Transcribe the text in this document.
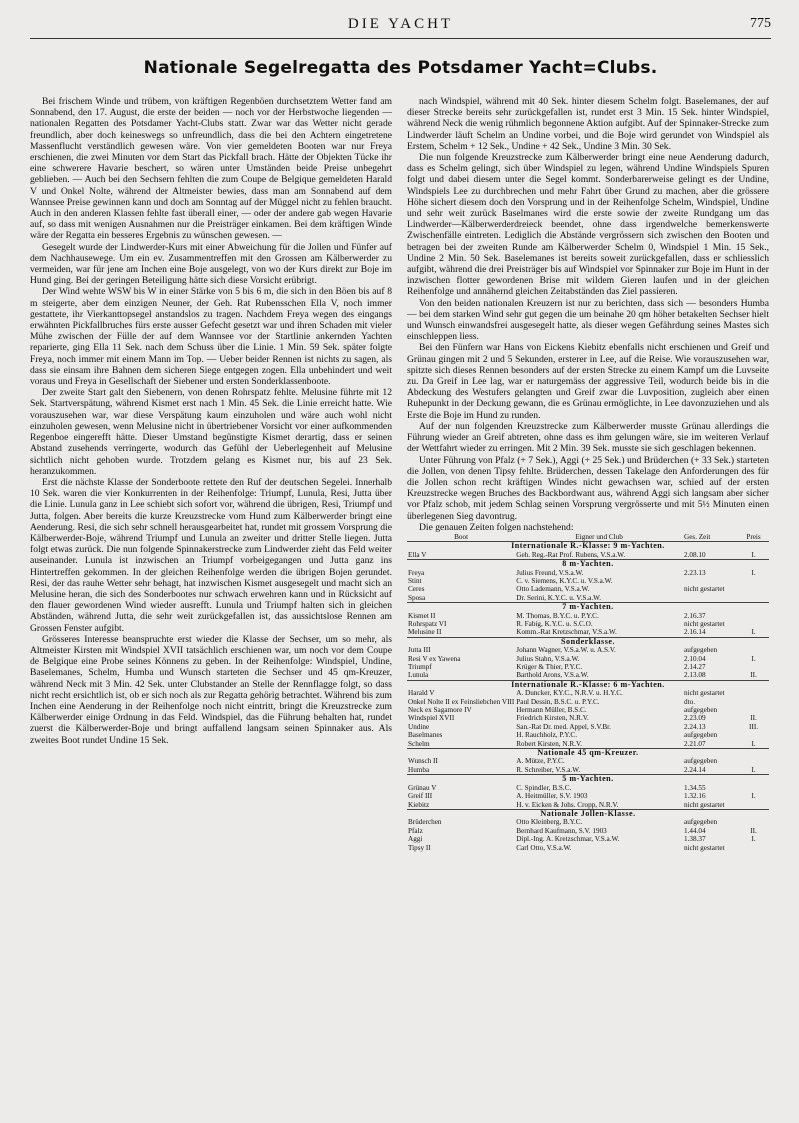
DIE YACHT	775
Nationale Segelregatta des Potsdamer Yacht=Clubs.

Bei frischem Winde und trübem, von kräftigen Regenböen durchsetztem Wetter fand am Sonnabend, den 17. August, die erste der beiden — noch vor der Herbstwoche liegenden — nationalen Regatten des Potsdamer Yacht-Clubs statt. Zwar war das Wetter nicht gerade freundlich, aber doch keineswegs so unfreundlich, dass die bei den Achtern eingetretene Massenflucht verständlich gewesen wäre. Von vier gemeldeten Booten war nur Freya erschienen, die zwei Minuten vor dem Start das Pickfall brach. Hätte der Objekten Tücke ihr eine schwerere Havarie beschert, so wären unter Umständen beide Preise unbegehrt geblieben. — Auch bei den Sechsern fehlten die zum Coupe de Belgique gemeldeten Harald V und Onkel Nolte, während der Altmeister bewies, dass man am Sonnabend auf dem Wannsee Preise gewinnen kann und doch am Sonntag auf der Müggel nicht zu fehlen braucht. Auch in den anderen Klassen fehlte fast überall einer, — oder der andere gab wegen Havarie auf, so dass mit wenigen Ausnahmen nur die Preisträger einkamen. Bei dem kräftigen Winde wäre der Regatta ein besseres Ergebnis zu wünschen gewesen. —

Gesegelt wurde der Lindwerder-Kurs mit einer Abweichung für die Jollen und Fünfer auf dem Nachhausewege. Um ein ev. Zusammentreffen mit den Grossen am Kälberwerder zu vermeiden, war für jene am Inchen eine Boje ausgelegt, von wo der Kurs direkt zur Boje im Hund ging. Bei der geringen Beteiligung hätte sich diese Vorsicht erübrigt.

Der Wind wehte WSW bis W in einer Stärke von 5 bis 6 m, die sich in den Böen bis auf 8 m steigerte, aber dem einzigen Neuner, der Geh. Rat Rubensschen Ella V, noch immer gestattete, ihr Vierkanttopsegel anstandslos zu tragen. Nachdem Freya wegen des eingangs erwähnten Pickfallbruches fürs erste ausser Gefecht gesetzt war und ihren Schaden mit vieler Mühe zwischen der Fülle der auf dem Wannsee vor der Startlinie ankernden Yachten reparierte, ging Ella 11 Sek. nach dem Schuss über die Linie. 1 Min. 59 Sek. später folgte Freya, noch immer mit einem Mann im Top. — Ueber beider Rennen ist nichts zu sagen, als dass sie einsam ihre Bahnen dem sicheren Siege entgegen zogen. Ella unbehindert und weit voraus und Freya in Gesellschaft der Siebener und ersten Sonderklassenboote.

Der zweite Start galt den Siebenern, von denen Rohrspatz fehlte. Melusine führte mit 12 Sek. Startverspätung, während Kismet erst nach 1 Min. 45 Sek. die Linie erreicht hatte. Wie vorauszusehen war, war diese Verspätung kaum einzuholen und wäre auch wohl nicht einzuholen gewesen, wenn Melusine nicht in übertriebener Vorsicht vor einer aufkommenden Regenboe eingerefft hätte. Dieser Umstand begünstigte Kismet derartig, dass er seinen Abstand zusehends verringerte, wodurch das Gefühl der Ueberlegenheit auf Melusine sichtlich nicht gehoben wurde. Trotzdem gelang es Kismet nur, bis auf 23 Sek. heranzukommen.

Erst die nächste Klasse der Sonderboote rettete den Ruf der deutschen Segelei. Innerhalb 10 Sek. waren die vier Konkurrenten in der Reihenfolge: Triumpf, Lunula, Resi, Jutta über die Linie. Lunula ganz in Lee schiebt sich sofort vor, während die übrigen, Resi, Triumpf und Jutta, folgen. Aber bereits die kurze Kreuzstrecke vom Hund zum Kälberwerder bringt eine Aenderung. Resi, die sich sehr schnell herausgearbeitet hat, rundet mit grossem Vorsprung die Kälberwerder-Boje, während Triumpf und Lunula an zweiter und dritter Stelle liegen. Jutta folgt etwas zurück. Die nun folgende Spinnakerstrecke zum Lindwerder zieht das Feld weiter auseinander. Lunula ist inzwischen an Triumpf vorbeigegangen und Jutta ganz ins Hintertreffen gekommen. In der gleichen Reihenfolge werden die übrigen Bojen gerundet. Resi, der das rauhe Wetter sehr behagt, hat inzwischen Kismet ausgesegelt und macht sich an Melusine heran, die sich des Sonderbootes nur schwach erwehren kann und in Rücksicht auf den flauer gewordenen Wind wieder ausrefft. Lunula und Triumpf halten sich in gleichen Abständen, während Jutta, die sehr weit zurückgefallen ist, das aussichtslose Rennen am Grossen Fenster aufgibt.

Grösseres Interesse beanspruchte erst wieder die Klasse der Sechser, um so mehr, als Altmeister Kirsten mit Windspiel XVII tatsächlich erschienen war, um noch vor dem Coupe de Belgique eine Probe seines Könnens zu geben. In der Reihenfolge: Windspiel, Undine, Baselemanes, Schelm, Humba und Wunsch starteten die Sechser und 45 qm-Kreuzer, während Neck mit 3 Min. 42 Sek. unter Clubstander an Stelle der Rennflagge folgt, so dass nicht recht ersichtlich ist, ob er sich noch als zur Regatta gehörig betrachtet. Während bis zum Inchen eine Aenderung in der Reihenfolge noch nicht eintritt, bringt die Kreuzstrecke zum Kälberwerder einige Ordnung in das Feld. Windspiel, das die Führung behalten hat, rundet zuerst die Kälberwerder-Boje und bringt auffallend langsam seinen Spinnaker aus. Als zweites Boot rundet Undine 15 Sek.

nach Windspiel, während mit 40 Sek. hinter diesem Schelm folgt. Baselemanes, der auf dieser Strecke bereits sehr zurückgefallen ist, rundet erst 3 Min. 15 Sek. hinter Windspiel, während Neck die wenig rühmlich begonnene Aktion aufgibt. Auf der Spinnaker-Strecke zum Lindwerder läuft Schelm an Undine vorbei, und die Boje wird gerundet von Windspiel als Erstem, Schelm + 12 Sek., Undine + 42 Sek., Undine 3 Min. 30 Sek.

Die nun folgende Kreuzstrecke zum Kälberwerder bringt eine neue Aenderung dadurch, dass es Schelm gelingt, sich über Windspiel zu legen, während Undine Windspiels Spuren folgt und dabei diesem unter die Segel kommt. Sonderbarerweise gelingt es der Undine, Windspiels Lee zu durchbrechen und mehr Fahrt über Grund zu machen, aber die grössere Höhe sichert diesem doch den Vorsprung und in der Reihenfolge Schelm, Windspiel, Undine und sehr weit zurück Baselmanes wird die erste sowie der zweite Rundgang um das Lindwerder—Kälberwerderdreieck beendet, ohne dass irgendwelche bemerkenswerte Zwischenfälle eintreten. Lediglich die Abstände vergrössern sich zwischen den Booten und betragen bei der zweiten Runde am Kälberwerder Schelm 0, Windspiel 1 Min. 15 Sek., Undine 2 Min. 50 Sek. Baselemanes ist bereits soweit zurückgefallen, dass er schliesslich aufgibt, während die drei Preisträger bis auf Windspiel vor Spinnaker zur Boje im Hunt in der inzwischen flotter gewordenen Brise mit wildem Gieren laufen und in der gleichen Reihenfolge und annähernd gleichen Zeitabständen das Ziel passieren.

Von den beiden nationalen Kreuzern ist nur zu berichten, dass sich — besonders Humba — bei dem starken Wind sehr gut gegen die um beinahe 20 qm höher betakelten Sechser hielt und Wunsch einwandsfrei ausgesegelt hatte, als dieser wegen Gefährdung seines Mastes sich einschleppen liess.

Bei den Fünfern war Hans von Eickens Kiebitz ebenfalls nicht erschienen und Greif und Grünau gingen mit 2 und 5 Sekunden, ersterer in Lee, auf die Reise. Wie vorauszusehen war, spitzte sich dieses Rennen besonders auf der ersten Strecke zu einem Kampf um die Luvseite zu. Da Greif in Lee lag, war er naturgemäss der aggressive Teil, wodurch beide bis in die Abdeckung des Westufers gelangten und Greif zwar die Luvposition, zugleich aber einen Ruhepunkt in der Deckung gewann, die es Grünau ermöglichte, in Lee davonzuziehen und als Erste die Boje im Hund zu runden.

Auf der nun folgenden Kreuzstrecke zum Kälberwerder musste Grünau allerdings die Führung wieder an Greif abtreten, ohne dass es ihm gelungen wäre, sie im weiteren Verlauf der Wettfahrt wieder zu erringen. Mit 2 Min. 39 Sek. musste sie sich geschlagen bekennen.

Unter Führung von Pfalz (+ 7 Sek.), Aggi (+ 25 Sek.) und Brüderchen (+ 33 Sek.) starteten die Jollen, von denen Tipsy fehlte. Brüderchen, dessen Takelage den Anforderungen des für die Jollen schon recht kräftigen Windes nicht gewachsen war, schied auf der ersten Kreuzstrecke wegen Bruches des Backbordwant aus, während Aggi sich langsam aber sicher vor Pfalz schob, mit jedem Schlag seinen Vorsprung vergrösserte und mit 5½ Minuten einen überlegenen Sieg davontrug.

Die genauen Zeiten folgen nachstehend:

Boot	Eigner und Club	Ges. Zeit	Preis
Internationale R.-Klasse: 9 m-Yachten.			
Ella V	Geh. Reg.-Rat Prof. Rubens, V.S.a.W.	2.08.10	I.
8 m-Yachten.			
Freya	Julius Freund, V.S.a.W.	2.23.13	I.
Stint	C. v. Siemens, K.Y.C. u. V.S.a.W.		
Ceres	Otto Lademann, V.S.a.W.	nicht gestartet	
Sposa	Dr. Serini, K.Y.C. u. V.S.a.W.		
7 m-Yachten.			
Kismet II	M. Thomas, B.Y.C. u. P.Y.C.	2.16.37	
Rohrspatz VI	R. Fabig, K.Y.C. u. S.C.O.	nicht gestartet	
Melusine II	Komm.-Rat Kretzschmar, V.S.a.W.	2.16.14	I.
Sonderklasse.			
Jutta III	Johann Wagner, V.S.a.W. u. A.S.V.	aufgegeben	
Resi V ex Yawena	Julius Stahn, V.S.a.W.	2.10.04	I.
Triumpf	Krüger & Thier, P.Y.C.	2.14.27	
Lunula	Barthold Arons, V.S.a.W.	2.13.08	II.
Internationale R.-Klasse: 6 m-Yachten.			
Harald V	A. Duncker, KY.C., N.R.V. u. H.Y.C.	nicht gestartet	
Onkel Nolte II ex Feinsliebchen VIII	Paul Dessin, B.S.C. u. P.Y.C.	dto.	
Neck ex Sagamore IV	Hermann Müller, B.S.C.	aufgegeben	
Windspiel XVII	Friedrich Kirsten, N.R.V.	2.23.09	II.
Undine	San.-Rat Dr. med. Appel, S.V.Br.	2.24.13	III.
Baselmanes	H. Rauchholz, P.Y.C.	aufgegeben	
Schelm	Robert Kirsten, N.R.V.	2.21.07	I.
Nationale 45 qm-Kreuzer.			
Wunsch II	A. Mütze, P.Y.C.	aufgegeben	
Humba	R. Schreiber, V.S.a.W.	2.24.14	I.
5 m-Yachten.			
Grünau V	C. Spindler, B.S.C.	1.34.55	
Greif III	A. Heitmüller, S.V. 1903	1.32.16	I.
Kiebitz	H. v. Eicken & Johs. Cropp, N.R.V.	nicht gestartet	
Nationale Jollen-Klasse.			
Brüderchen	Otto Kleinberg, B.Y.C.	aufgegeben	
Pfalz	Bernhard Kaufmann, S.V. 1903	1.44.04	II.
Aggi	Dipl.-Ing. A. Kretzschmar, V.S.a.W.	1.38.37	I.
Tipsy II	Carl Otto, V.S.a.W.	nicht gestartet	
